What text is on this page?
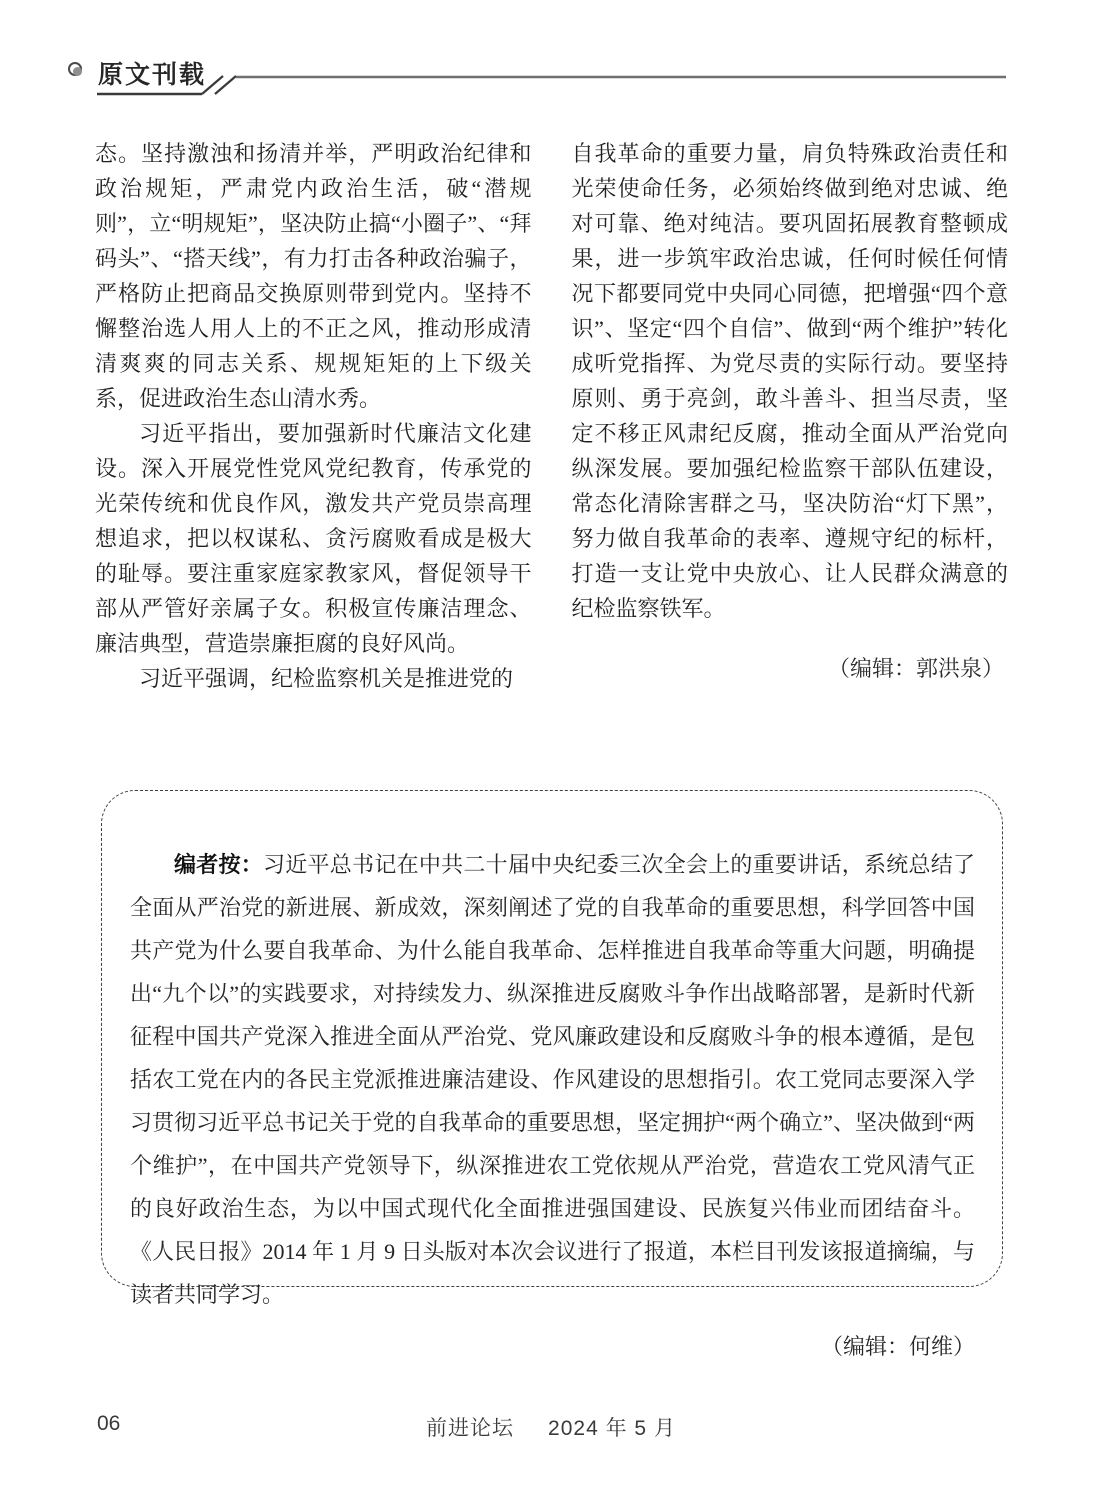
原文刊载

态。坚持激浊和扬清并举，严明政治纪律和政治规矩，严肃党内政治生活，破“潜规则”，立“明规矩”，坚决防止搞“小圈子”、“拜码头”、“搭天线”，有力打击各种政治骗子，严格防止把商品交换原则带到党内。坚持不懈整治选人用人上的不正之风，推动形成清清爽爽的同志关系、规规矩矩的上下级关系，促进政治生态山清水秀。

习近平指出，要加强新时代廉洁文化建设。深入开展党性党风党纪教育，传承党的光荣传统和优良作风，激发共产党员崇高理想追求，把以权谋私、贪污腐败看成是极大的耻辱。要注重家庭家教家风，督促领导干部从严管好亲属子女。积极宣传廉洁理念、廉洁典型，营造崇廉拒腐的良好风尚。

习近平强调，纪检监察机关是推进党的

自我革命的重要力量，肩负特殊政治责任和光荣使命任务，必须始终做到绝对忠诚、绝对可靠、绝对纯洁。要巩固拓展教育整顿成果，进一步筑牢政治忠诚，任何时候任何情况下都要同党中央同心同德，把增强“四个意识”、坚定“四个自信”、做到“两个维护”转化成听党指挥、为党尽责的实际行动。要坚持原则、勇于亮剑，敢斗善斗、担当尽责，坚定不移正风肃纪反腐，推动全面从严治党向纵深发展。要加强纪检监察干部队伍建设，常态化清除害群之马，坚决防治“灯下黑”，努力做自我革命的表率、遵规守纪的标杆，打造一支让党中央放心、让人民群众满意的纪检监察铁军。

（编辑：郭洪泉）

编者按：习近平总书记在中共二十届中央纪委三次全会上的重要讲话，系统总结了全面从严治党的新进展、新成效，深刻阐述了党的自我革命的重要思想，科学回答中国共产党为什么要自我革命、为什么能自我革命、怎样推进自我革命等重大问题，明确提出“九个以”的实践要求，对持续发力、纵深推进反腐败斗争作出战略部署，是新时代新征程中国共产党深入推进全面从严治党、党风廉政建设和反腐败斗争的根本遵循，是包括农工党在内的各民主党派推进廉洁建设、作风建设的思想指引。农工党同志要深入学习贯彻习近平总书记关于党的自我革命的重要思想，坚定拥护“两个确立”、坚决做到“两个维护”，在中国共产党领导下，纵深推进农工党依规从严治党，营造农工党风清气正的良好政治生态，为以中国式现代化全面推进强国建设、民族复兴伟业而团结奋斗。《人民日报》2014 年 1 月 9 日头版对本次会议进行了报道，本栏目刊发该报道摘编，与读者共同学习。

（编辑：何维）
06	前进论坛 2024 年 5 月
